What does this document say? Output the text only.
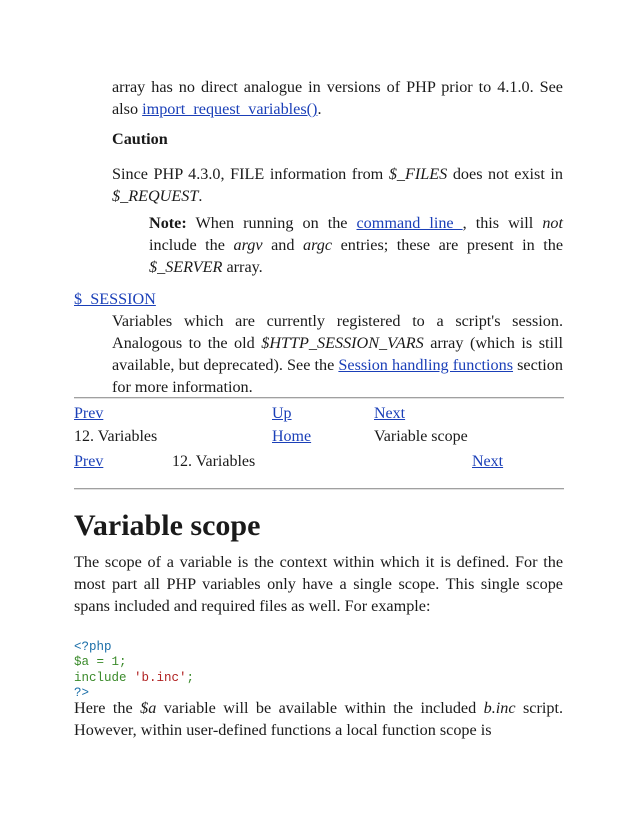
array has no direct analogue in versions of PHP prior to 4.1.0. See also import_request_variables().
Caution
Since PHP 4.3.0, FILE information from $_FILES does not exist in $_REQUEST.
Note: When running on the command line , this will not include the argv and argc entries; these are present in the $_SERVER array.
$_SESSION
Variables which are currently registered to a script's session. Analogous to the old $HTTP_SESSION_VARS array (which is still available, but deprecated). See the Session handling functions section for more information.
Prev	Up	Next
12. Variables	Home	Variable scope
Prev	12. Variables	Next
Variable scope
The scope of a variable is the context within which it is defined. For the most part all PHP variables only have a single scope. This single scope spans included and required files as well. For example:

<?php
$a = 1;
include 'b.inc';
?>
Here the $a variable will be available within the included b.inc script. However, within user-defined functions a local function scope is
